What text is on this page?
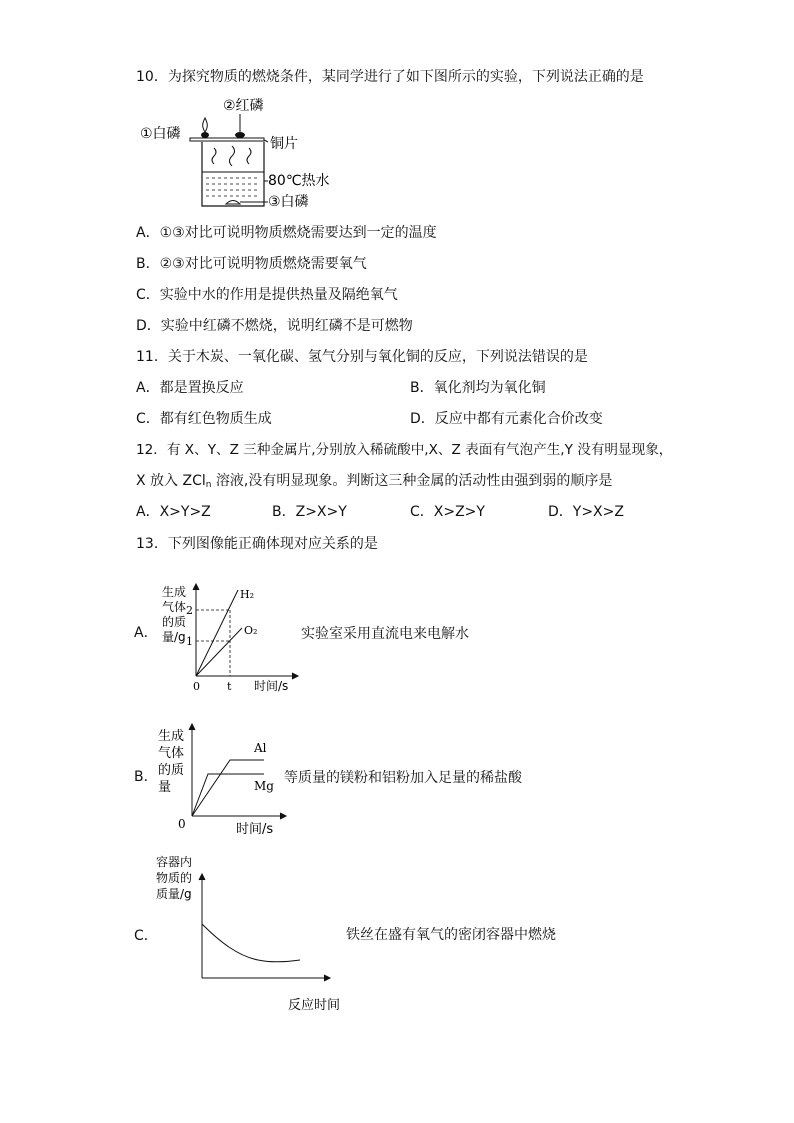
10．为探究物质的燃烧条件，某同学进行了如下图所示的实验，下列说法正确的是
②红磷
①白磷
铜片
80℃热水
③白磷
A．①③对比可说明物质燃烧需要达到一定的温度
B．②③对比可说明物质燃烧需要氧气
C．实验中水的作用是提供热量及隔绝氧气
D．实验中红磷不燃烧，说明红磷不是可燃物
11．关于木炭、一氧化碳、氢气分别与氧化铜的反应，下列说法错误的是
A．都是置换反应	B．氧化剂均为氧化铜
C．都有红色物质生成	D．反应中都有元素化合价改变
12．有 X、Y、Z 三种金属片,分别放入稀硫酸中,X、Z 表面有气泡产生,Y 没有明显现象，
X 放入 ZCl$_n$ 溶液,没有明显现象。判断这三种金属的活动性由强到弱的顺序是
A．X>Y>Z	B．Z>X>Y	C．X>Z>Y	D．Y>X>Z
13．下列图像能正确体现对应关系的是
A．
生成
气体
的质
量/g
2
1
0 t 时间/s
H₂
O₂	实验室采用直流电来电解水
B．
生成
气体
的质
量
Al
Mg
0	时间/s
等质量的镁粉和铝粉加入足量的稀盐酸
C．
容器内
物质的
质量/g
反应时间
铁丝在盛有氧气的密闭容器中燃烧
